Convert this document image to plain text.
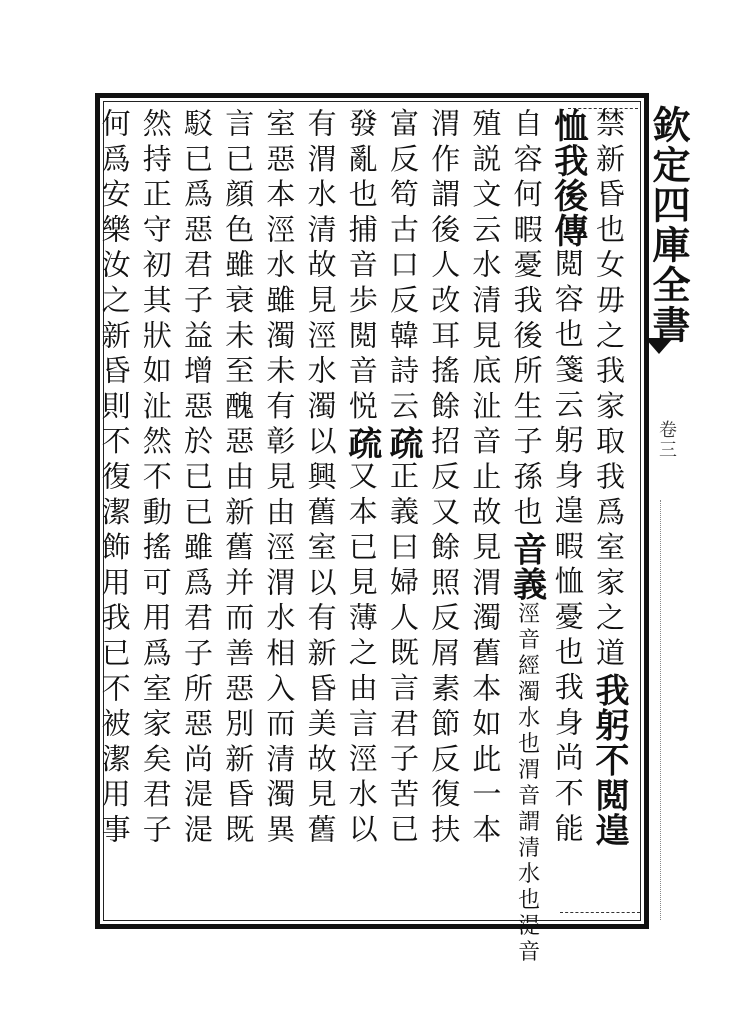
欽定四庫全書
卷三
禁新昏也女毋之我家取我爲室家之道我躬不閲遑
恤我後傳閲容也箋云躬身遑暇恤憂也我身尚不能
自容何暇憂我後所生子孫也音義涇音經濁水也渭音謂清水也湜音
殖説文云水清見底沚音止故見渭濁舊本如此一本
渭作謂後人改耳搖餘招反又餘照反屑素節反復扶
富反笱古口反韓詩云疏正義曰婦人既言君子苦已
發亂也捕音歩閲音悦疏又本已見薄之由言涇水以
有渭水清故見涇水濁以興舊室以有新昏美故見舊
室惡本涇水雖濁未有彰見由涇渭水相入而清濁異
言已顔色雖衰未至醜惡由新舊并而善惡別新昏既
駁已爲惡君子益增惡於已已雖爲君子所惡尚湜湜
然持正守初其狀如沚然不動搖可用爲室家矣君子
何爲安樂汝之新昏則不復潔飾用我已不被潔用事
